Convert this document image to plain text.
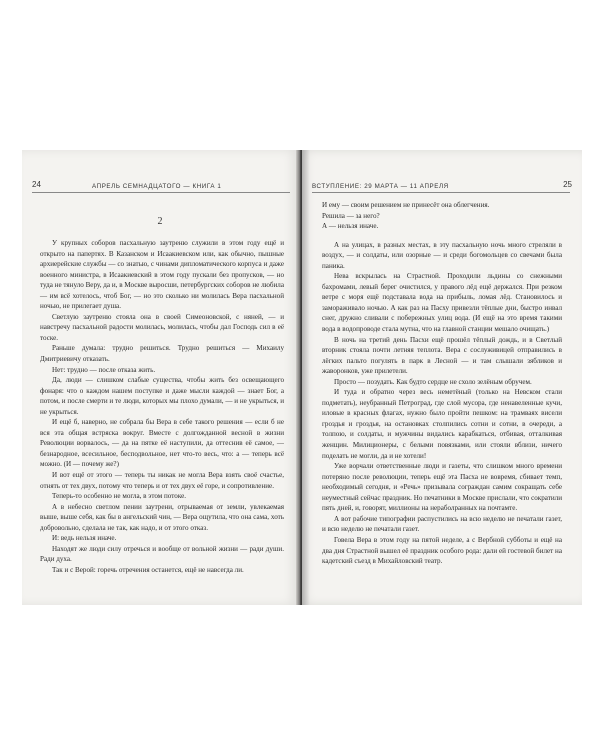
24	АПРЕЛЬ СЕМНАДЦАТОГО — КНИГА 1
2

У крупных соборов пасхальную заутреню служили в этом году ещё и открыто на папертях. В Казанском и Исаакиевском или, как обычно, пышные архиерейские службы — со знатью, с чинами дипломатического корпуса и даже военного министра, в Исаакиевский в этом году пускали без пропусков, — но туда не тянуло Веру, да и, в Москве выросши, петербургских соборов не любила — им всё хотелось, чтоб Бог, — но это сколько ни молилась Вера пасхальной ночью, не прилегает душа.

Светлую заутреню стояла она в своей Симеоновской, с няней, — и навстречу пасхальной радости молилась, молилась, чтобы дал Господь сил в её тоске.

Раньше думала: трудно решиться. Трудно решиться — Михаилу Дмитриевичу отказать.

Нет: трудно — после отказа жить.

Да, люди — слишком слабые существа, чтобы жить без освещающего фонаря: что о каждом нашем поступке и даже мысли каждой — знает Бог, а потом, и после смерти и те люди, которых мы плохо думали, — и не укрыться, и не укрыться.

И ещё б, наверно, не собрала бы Вера в себе такого решения — если б не вся эта общая встряска вокруг. Вместе с долгожданной весной в жизни Революции ворвалось, — да на пятке её наступили, да оттеснив её самое, — безнародное, всесильное, бесподвольное, нет что-то весь, что: а — теперь всё можно. (И — почему же?)

И вот ещё от этого — теперь ты никак не могла Вера взять своё счастье, отнять от тех двух, потому что теперь и от тех двух её горе, и сопротивление.

Теперь-то особенно не могла, в этом потоке.

А в небесно светлом пении заутрени, отрываемая от земли, увлекаемая выше, выше себя, как бы в ангельский чин, — Вера ощутила, что она сама, хоть добровольно, сделала не так, как надо, и от этого отказ.

И: ведь нельзя иначе.

Находят же люди силу отречься и вообще от вольной жизни — ради души. Ради духа.

Так и с Верой: горечь отречения останется, ещё не навсегда ли.

ВСТУПЛЕНИЕ: 29 МАРТА — 11 АПРЕЛЯ	25

И ему — своим решением не принесёт она облегчения.

Решила — за него?

А — нельзя иначе.

А на улицах, в разных местах, в эту пасхальную ночь много стреляли в воздух, — и солдаты, или озорные — и среди богомольцев со свечами была паника.

Нева вскрылась на Страстной. Проходили льдины со снежными бахромами, левый берег очистился, у правого лёд ещё держался. При резком ветре с моря ещё подставала вода на прибыль, ломая лёд. Становилось и замораживало ночью. А как раз на Пасху привезли тёплые дни, быстро инвал снег, дружно сливали с побережных улиц вода. (И ещё на это время такими вода в водопроводе стала мутна, что на главной станции мешало очищать.)

В ночь на третий день Пасхи ещё прошёл тёплый дождь, и в Светлый вторник стояла почти летняя теплота. Вера с сослуживицей отправились в лёгких пальто погулять в парк в Лесной — и там слышали зябликов и жаворонков, уже прилетели.

Просто — позудать. Как будто сердце не схоло зелёным обручем.

И туда и обратно через весь неметёный (только на Невском стали подметать), неубранный Петроград, где слой мусора, где ненавеленные кучи, иловые в красных флагах, нужно было пройти пешком: на трамваях висели гроздья и гроздья, на остановках столпились сотни и сотни, в очереди, а толпою, и солдаты, и мужчины видались карабкаться, отбивая, отталкивая женщин. Милиционеры, с белыми повязками, или стояли вблизи, ничего поделать не могли, да и не хотели!

Уже ворчали ответственные люди и газеты, что слишком много времени потеряно после революции, теперь ещё эта Пасха не вовремя, сбивает темп, необходимый сегодня, и «Речь» призывала сограждан самим сокращать себе неуместный сейчас праздник. Но печатники в Москве прислали, что сократили пять дней, и, говорят, миллионы на нераболранных на почтамте.

А вот рабочие типографии распустились на всю неделю не печатали газет, и всю неделю не печатали газет.

Говела Вера в этом году на пятой неделе, а с Вербной субботы и ещё на два дня Страстной вышел её праздник особого рода: дали ей гостевой билет на кадетский съезд в Михайловский театр.
